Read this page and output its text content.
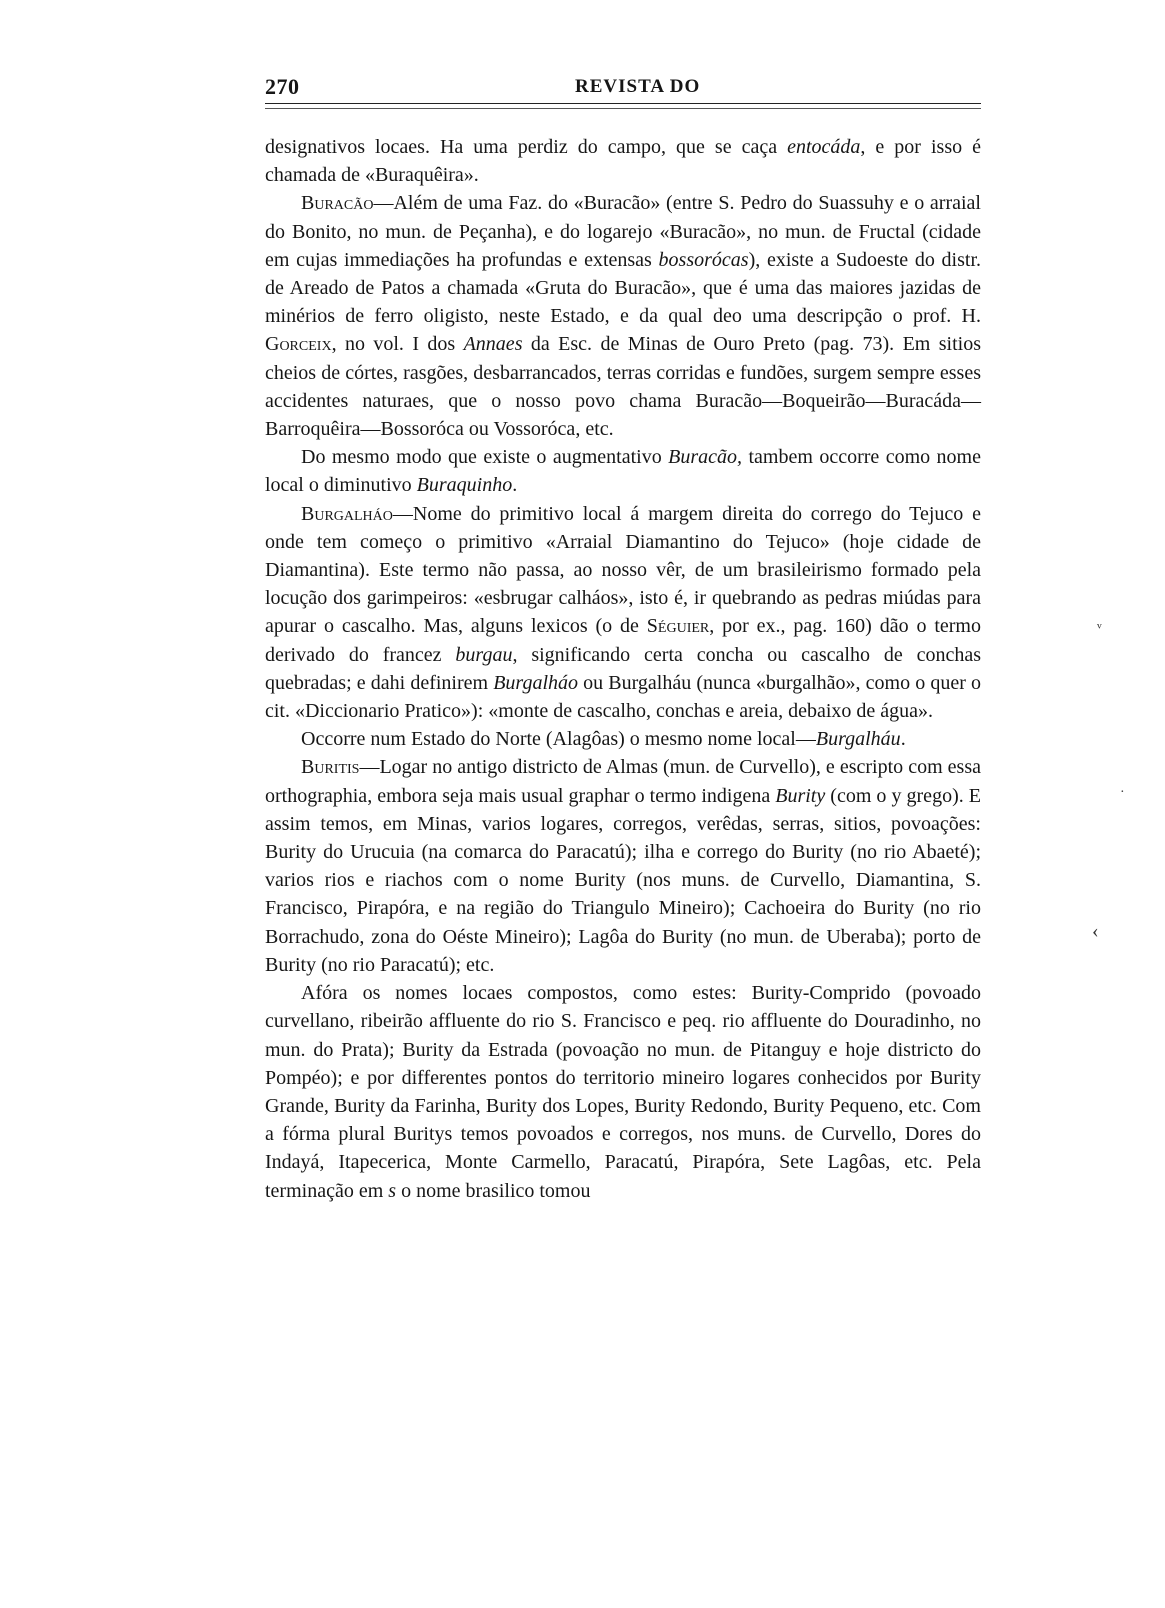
270	REVISTA DO

designativos locaes. Ha uma perdiz do campo, que se caça entocáda, e por isso é chamada de «Buraquêira».

Buracão—Além de uma Faz. do «Buracão» (entre S. Pedro do Suassuhy e o arraial do Bonito, no mun. de Peçanha), e do logarejo «Buracão», no mun. de Fructal (cidade em cujas immediações ha profundas e extensas bossorócas), existe a Sudoeste do distr. de Areado de Patos a chamada «Gruta do Buracão», que é uma das maiores jazidas de minérios de ferro oligisto, neste Estado, e da qual deo uma descripção o prof. H. Gorceix, no vol. I dos Annaes da Esc. de Minas de Ouro Preto (pag. 73). Em sitios cheios de córtes, rasgões, desbarrancados, terras corridas e fundões, surgem sempre esses accidentes naturaes, que o nosso povo chama Buracão—Boqueirão—Buracáda—Barroquêira—Bossoróca ou Vossoróca, etc.

Do mesmo modo que existe o augmentativo Buracão, tambem occorre como nome local o diminutivo Buraquinho.

Burgalháo—Nome do primitivo local á margem direita do corrego do Tejuco e onde tem começo o primitivo «Arraial Diamantino do Tejuco» (hoje cidade de Diamantina). Este termo não passa, ao nosso vêr, de um brasileirismo formado pela locução dos garimpeiros: «esbrugar calháos», isto é, ir quebrando as pedras miúdas para apurar o cascalho. Mas, alguns lexicos (o de Séguier, por ex., pag. 160) dão o termo derivado do francez burgau, significando certa concha ou cascalho de conchas quebradas; e dahi definirem Burgalháo ou Burgalháu (nunca «burgalhão», como o quer o cit. «Diccionario Pratico»): «monte de cascalho, conchas e areia, debaixo de água».

Occorre num Estado do Norte (Alagôas) o mesmo nome local—Burgalháu.

Buritis—Logar no antigo districto de Almas (mun. de Curvello), e escripto com essa orthographia, embora seja mais usual graphar o termo indigena Burity (com o y grego). E assim temos, em Minas, varios logares, corregos, verêdas, serras, sitios, povoações: Burity do Urucuia (na comarca do Paracatú); ilha e corrego do Burity (no rio Abaeté); varios rios e riachos com o nome Burity (nos muns. de Curvello, Diamantina, S. Francisco, Pirapóra, e na região do Triangulo Mineiro); Cachoeira do Burity (no rio Borrachudo, zona do Oéste Mineiro); Lagôa do Burity (no mun. de Uberaba); porto de Burity (no rio Paracatú); etc.

Afóra os nomes locaes compostos, como estes: Burity-Comprido (povoado curvellano, ribeirão affluente do rio S. Francisco e peq. rio affluente do Douradinho, no mun. do Prata); Burity da Estrada (povoação no mun. de Pitanguy e hoje districto do Pompéo); e por differentes pontos do territorio mineiro logares conhecidos por Burity Grande, Burity da Farinha, Burity dos Lopes, Burity Redondo, Burity Pequeno, etc. Com a fórma plural Buritys temos povoados e corregos, nos muns. de Curvello, Dores do Indayá, Itapecerica, Monte Carmello, Paracatú, Pirapóra, Sete Lagôas, etc. Pela terminação em s o nome brasilico tomou

ᵛ
·
‹
